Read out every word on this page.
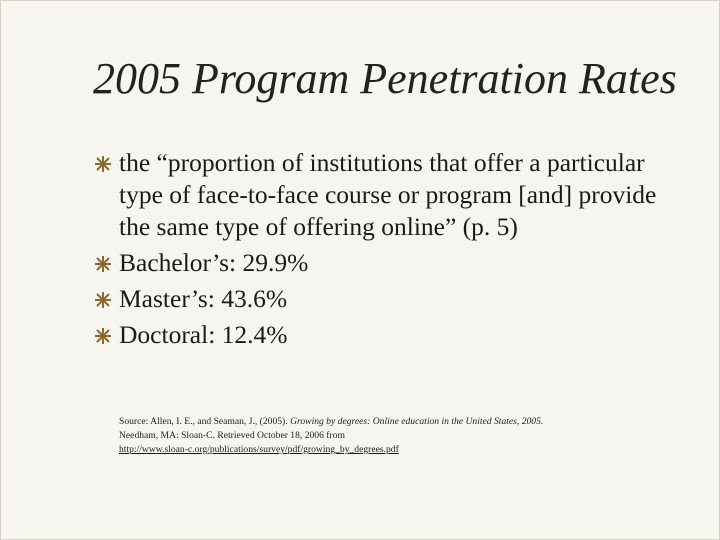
2005 Program Penetration Rates
the “proportion of institutions that offer a particular type of face-to-face course or program [and] provide the same type of offering online” (p. 5)
Bachelor’s: 29.9%
Master’s: 43.6%
Doctoral: 12.4%
Source: Allen, I. E., and Seaman, J., (2005). Growing by degrees: Online education in the United States, 2005.
Needham, MA: Sloan-C. Retrieved October 18, 2006 from
http://www.sloan-c.org/publications/survey/pdf/growing_by_degrees.pdf
